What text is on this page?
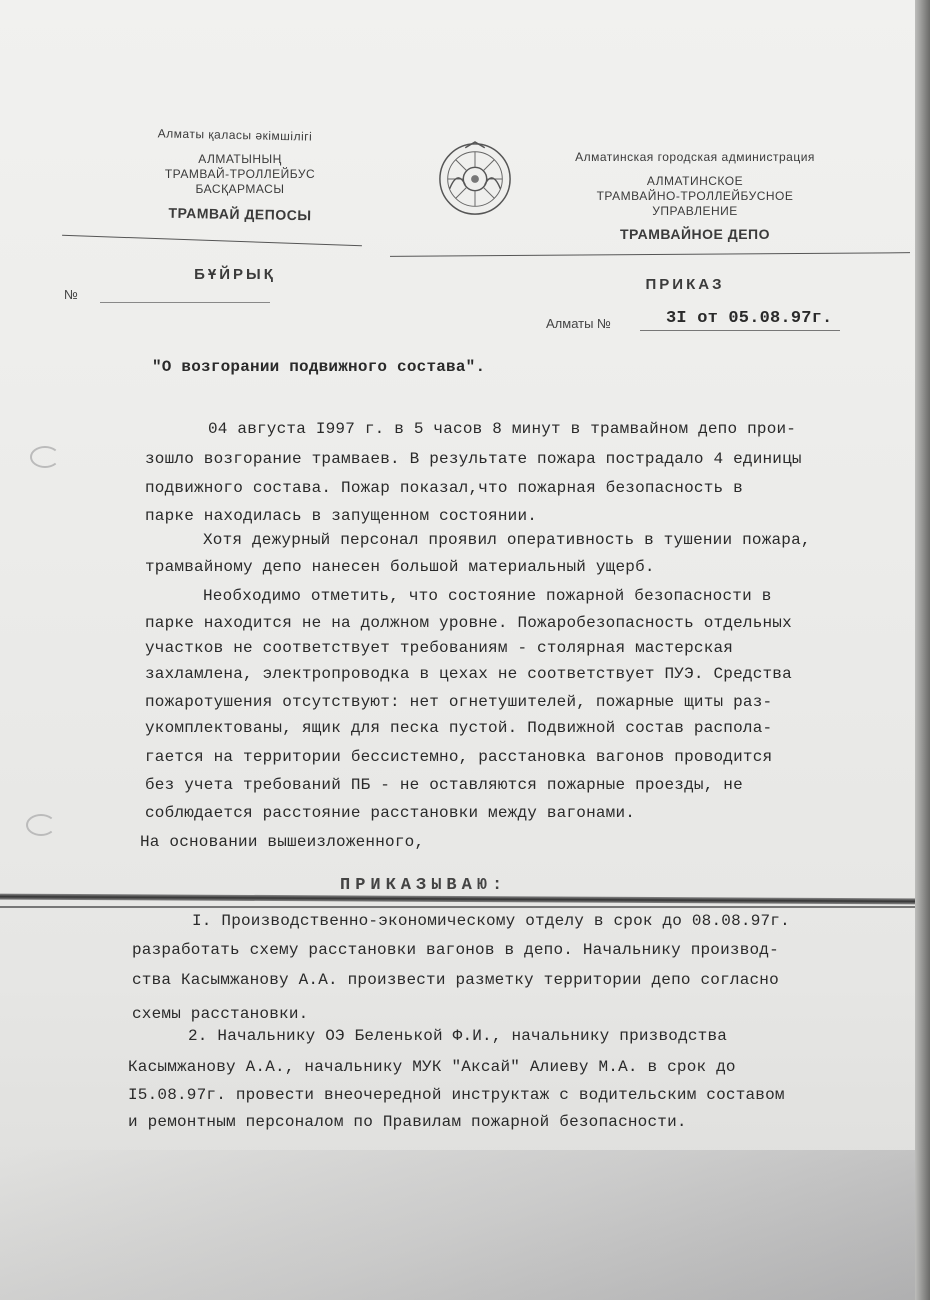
Алматы қаласы әкімшілігі
АЛМАТЫНЫҢ
ТРАМВАЙ-ТРОЛЛЕЙБУС
БАСҚАРМАСЫ
ТРАМВАЙ ДЕПОСЫ
Алматинская городская администрация
АЛМАТИНСКОЕ
ТРАМВАЙНО-ТРОЛЛЕЙБУСНОЕ
УПРАВЛЕНИЕ
ТРАМВАЙНОЕ ДЕПО
БҰЙРЫҚ
№
ПРИКАЗ
Алматы №	3I от 05.08.97г.
"О возгорании подвижного состава".
04 августа I997 г. в 5 часов 8 минут в трамвайном депо прои-
зошло возгорание трамваев. В результате пожара пострадало 4 единицы
подвижного состава. Пожар показал,что пожарная безопасность в
парке находилась в запущенном состоянии.
Хотя дежурный персонал проявил оперативность в тушении пожара,
трамвайному депо нанесен большой материальный ущерб.
Необходимо отметить, что состояние пожарной безопасности в
парке находится не на должном уровне. Пожаробезопасность отдельных
участков не соответствует требованиям - столярная мастерская
захламлена, электропроводка в цехах не соответствует ПУЭ. Средства
пожаротушения отсутствуют: нет огнетушителей, пожарные щиты раз-
укомплектованы, ящик для песка пустой. Подвижной состав распола-
гается на территории бессистемно, расстановка вагонов проводится
без учета требований ПБ - не оставляются пожарные проезды, не
соблюдается расстояние расстановки между вагонами.
На основании вышеизложенного,
ПРИКАЗЫВАЮ:
I. Производственно-экономическому отделу в срок до 08.08.97г.
разработать схему расстановки вагонов в депо. Начальнику производ-
ства Касымжанову А.А. произвести разметку территории депо согласно
схемы расстановки.
2. Начальнику ОЭ Беленькой Ф.И., начальнику призводства
Касымжанову А.А., начальнику МУК "Аксай" Алиеву М.А. в срок до
I5.08.97г. провести внеочередной инструктаж с водительским составом
и ремонтным персоналом по Правилам пожарной безопасности.
